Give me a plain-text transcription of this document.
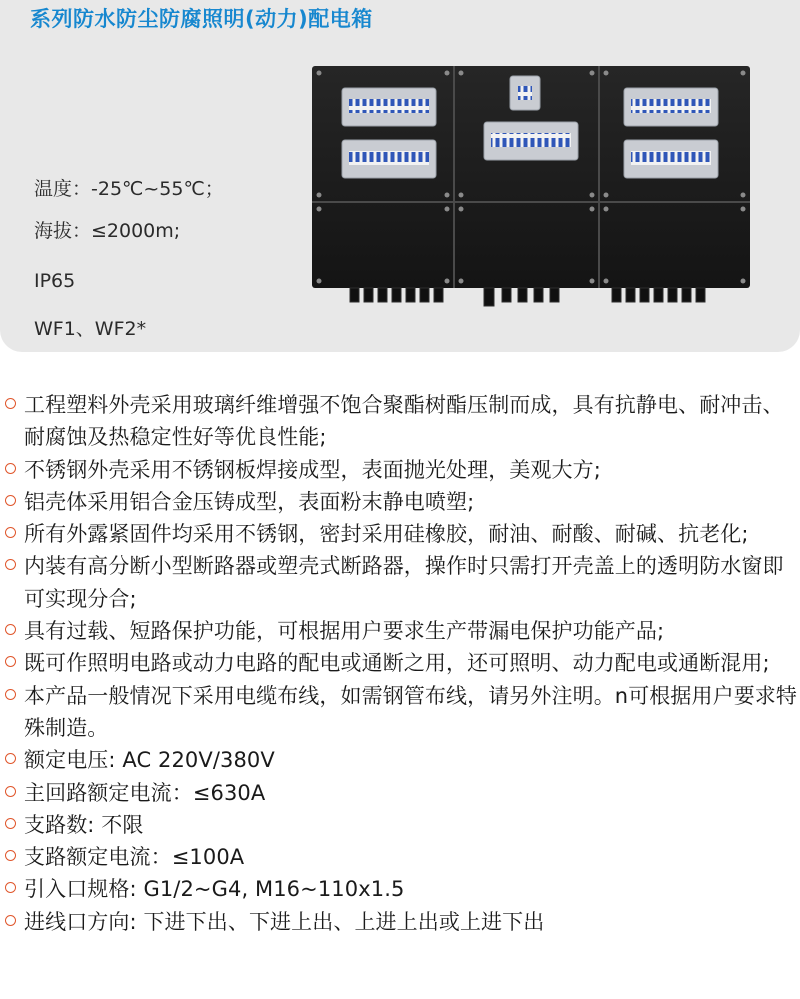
系列防水防尘防腐照明(动力)配电箱
温度：-25℃~55℃；
海拔：≤2000m;
IP65
WF1、WF2*
工程塑料外壳采用玻璃纤维增强不饱合聚酯树酯压制而成，具有抗静电、耐冲击、耐腐蚀及热稳定性好等优良性能;
不锈钢外壳采用不锈钢板焊接成型，表面抛光处理，美观大方;
铝壳体采用铝合金压铸成型，表面粉末静电喷塑;
所有外露紧固件均采用不锈钢，密封采用硅橡胶，耐油、耐酸、耐碱、抗老化;
内装有高分断小型断路器或塑壳式断路器，操作时只需打开壳盖上的透明防水窗即可实现分合;
具有过载、短路保护功能，可根据用户要求生产带漏电保护功能产品;
既可作照明电路或动力电路的配电或通断之用，还可照明、动力配电或通断混用;
本产品一般情况下采用电缆布线，如需钢管布线，请另外注明。n可根据用户要求特殊制造。
额定电压: AC 220V/380V
主回路额定电流：≤630A
支路数: 不限
支路额定电流：≤100A
引入口规格: G1/2~G4, M16~110x1.5
进线口方向: 下进下出、下进上出、上进上出或上进下出
